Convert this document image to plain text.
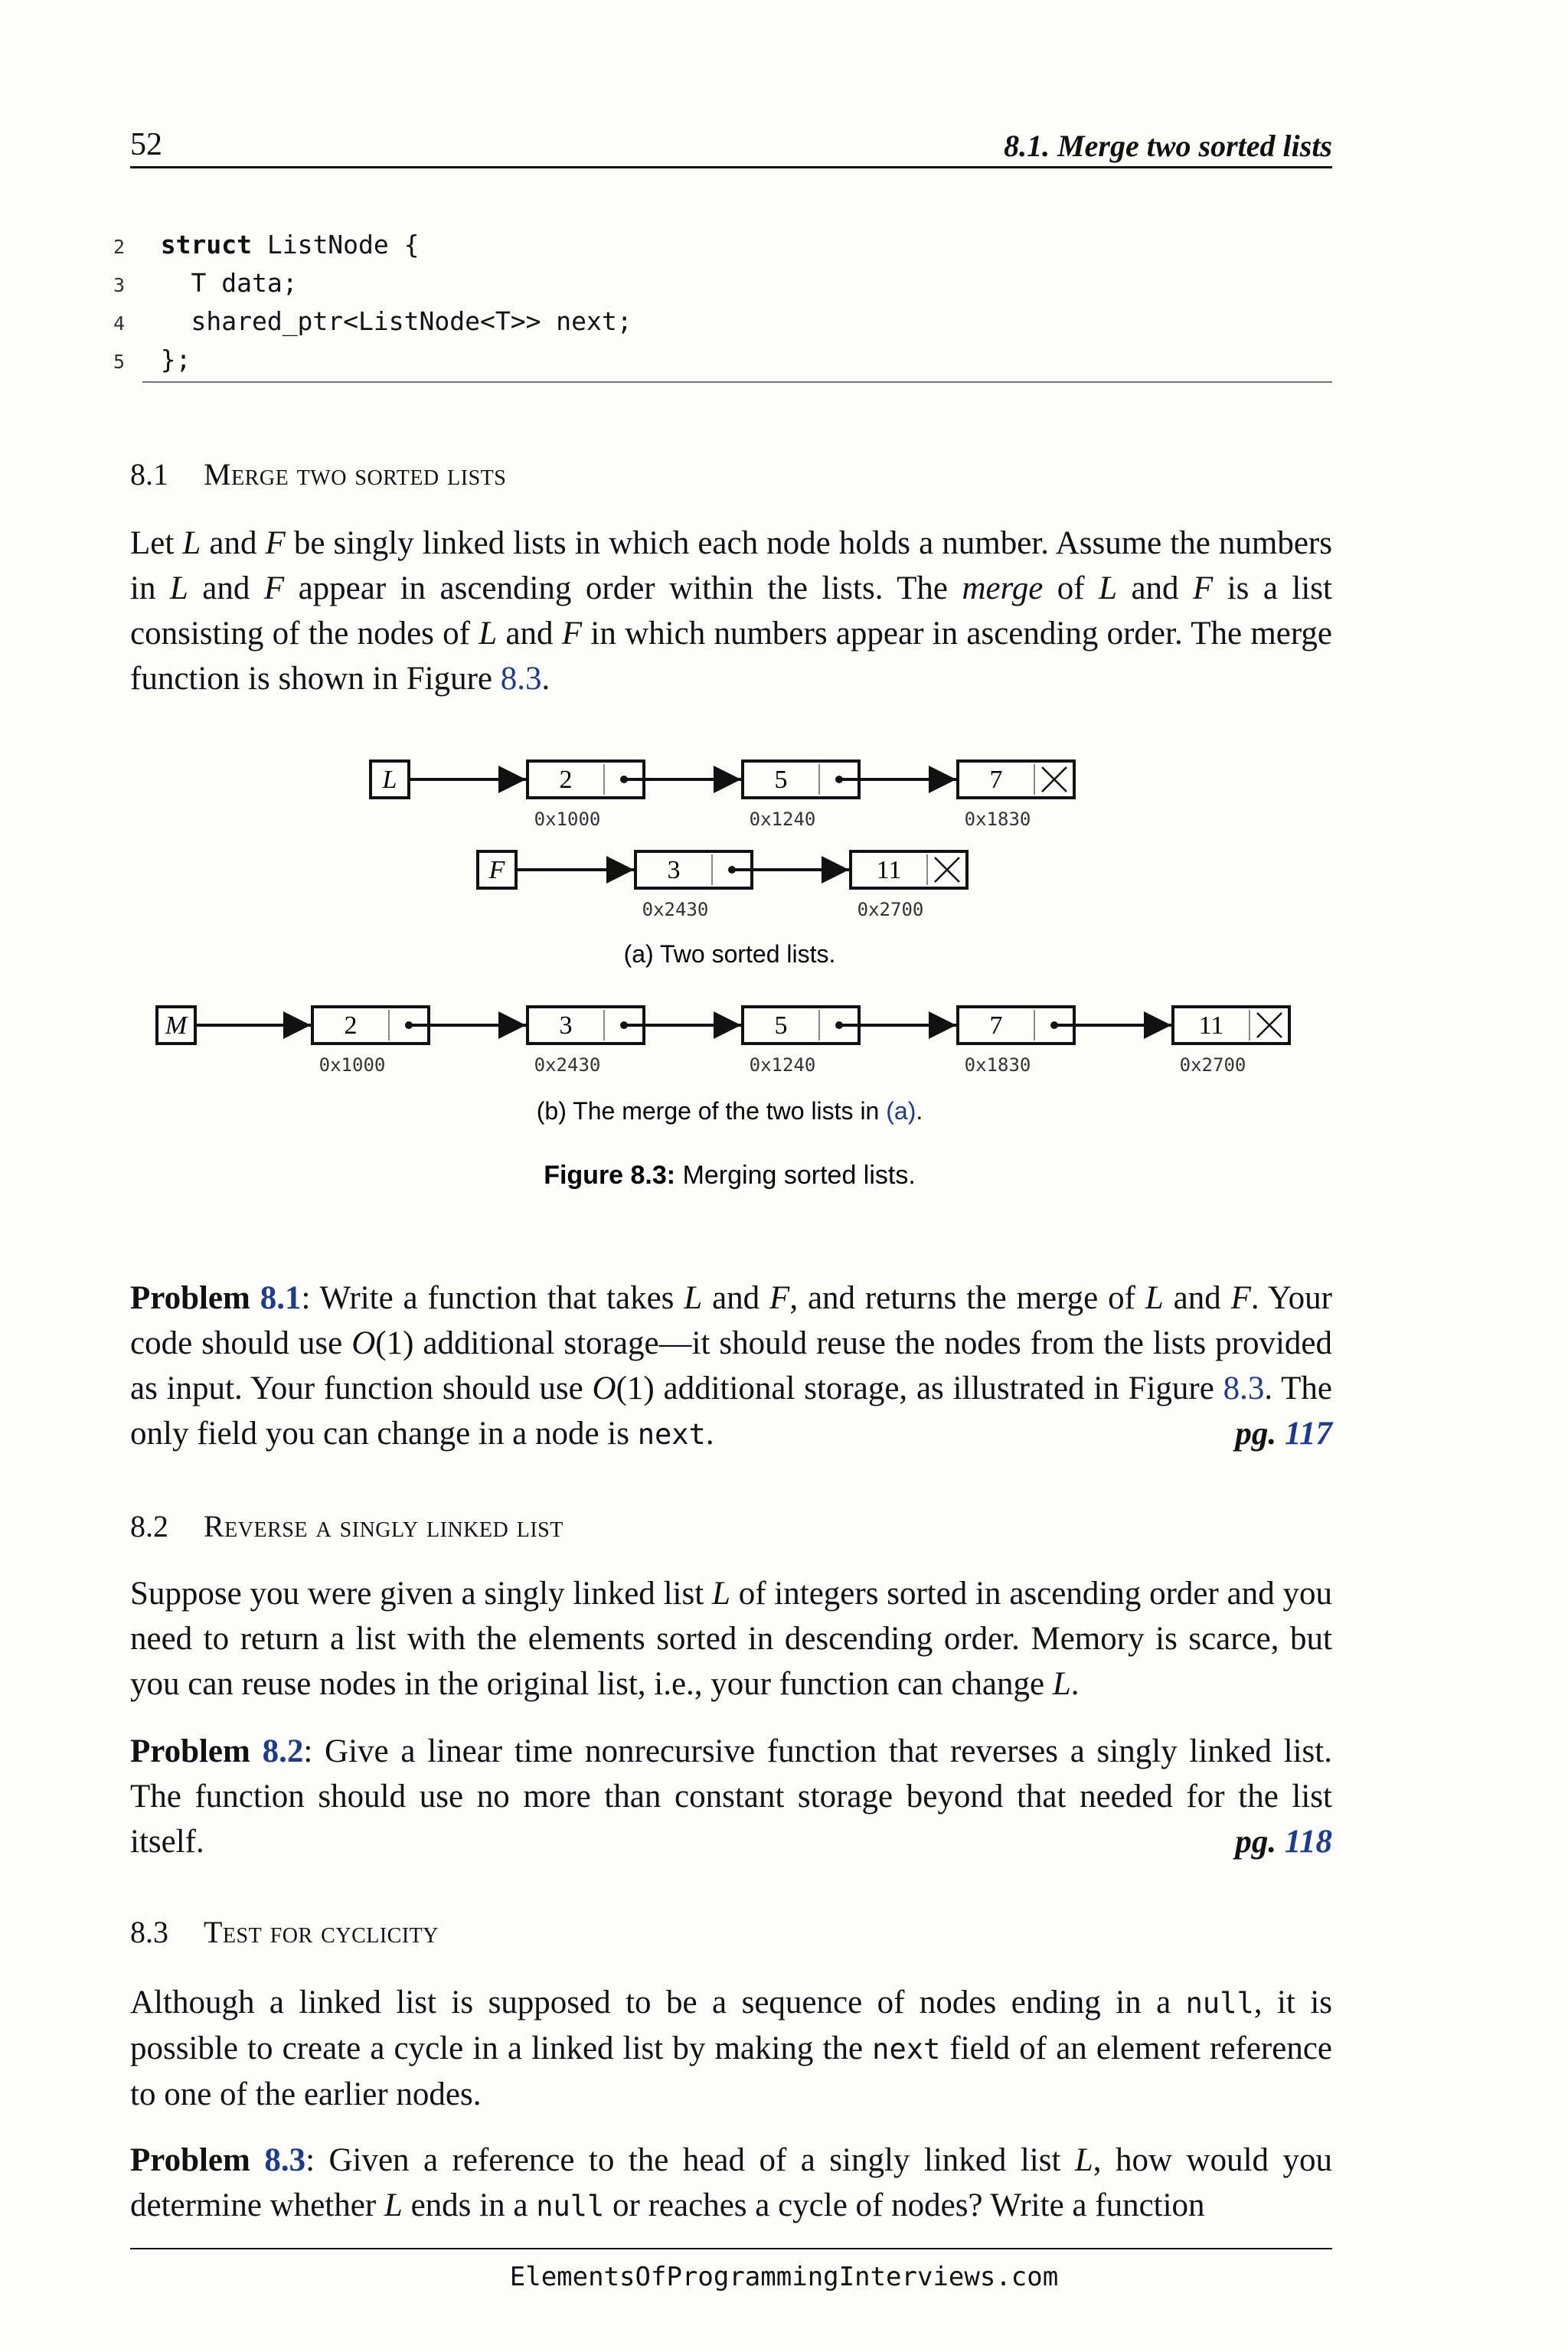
52	8.1. Merge two sorted lists
2 struct ListNode {
3    T data;
4    shared_ptr<ListNode<T>> next;
5 };
8.1 Merge two sorted lists
Let L and F be singly linked lists in which each node holds a number. Assume the numbers in L and F appear in ascending order within the lists. The merge of L and F is a list consisting of the nodes of L and F in which numbers appear in ascending order. The merge function is shown in Figure 8.3.
(a) Two sorted lists.
(b) The merge of the two lists in (a).
Figure 8.3: Merging sorted lists.
L	2
0x1000
5
0x1240
7
0x1830
F	3
0x2430
11
0x2700
M	2
0x1000
3
0x2430
5
0x1240
7
0x1830
11
0x2700
Problem 8.1: Write a function that takes L and F, and returns the merge of L and F. Your code should use O(1) additional storage—it should reuse the nodes from the lists provided as input. Your function should use O(1) additional storage, as illustrated in Figure 8.3. The only field you can change in a node is next.	pg. 117
8.2 Reverse a singly linked list
Suppose you were given a singly linked list L of integers sorted in ascending order and you need to return a list with the elements sorted in descending order. Memory is scarce, but you can reuse nodes in the original list, i.e., your function can change L.
Problem 8.2: Give a linear time nonrecursive function that reverses a singly linked list. The function should use no more than constant storage beyond that needed for the list itself.	pg. 118
8.3 Test for cyclicity
Although a linked list is supposed to be a sequence of nodes ending in a null, it is possible to create a cycle in a linked list by making the next field of an element reference to one of the earlier nodes.
Problem 8.3: Given a reference to the head of a singly linked list L, how would you determine whether L ends in a null or reaches a cycle of nodes? Write a function
ElementsOfProgrammingInterviews.com
